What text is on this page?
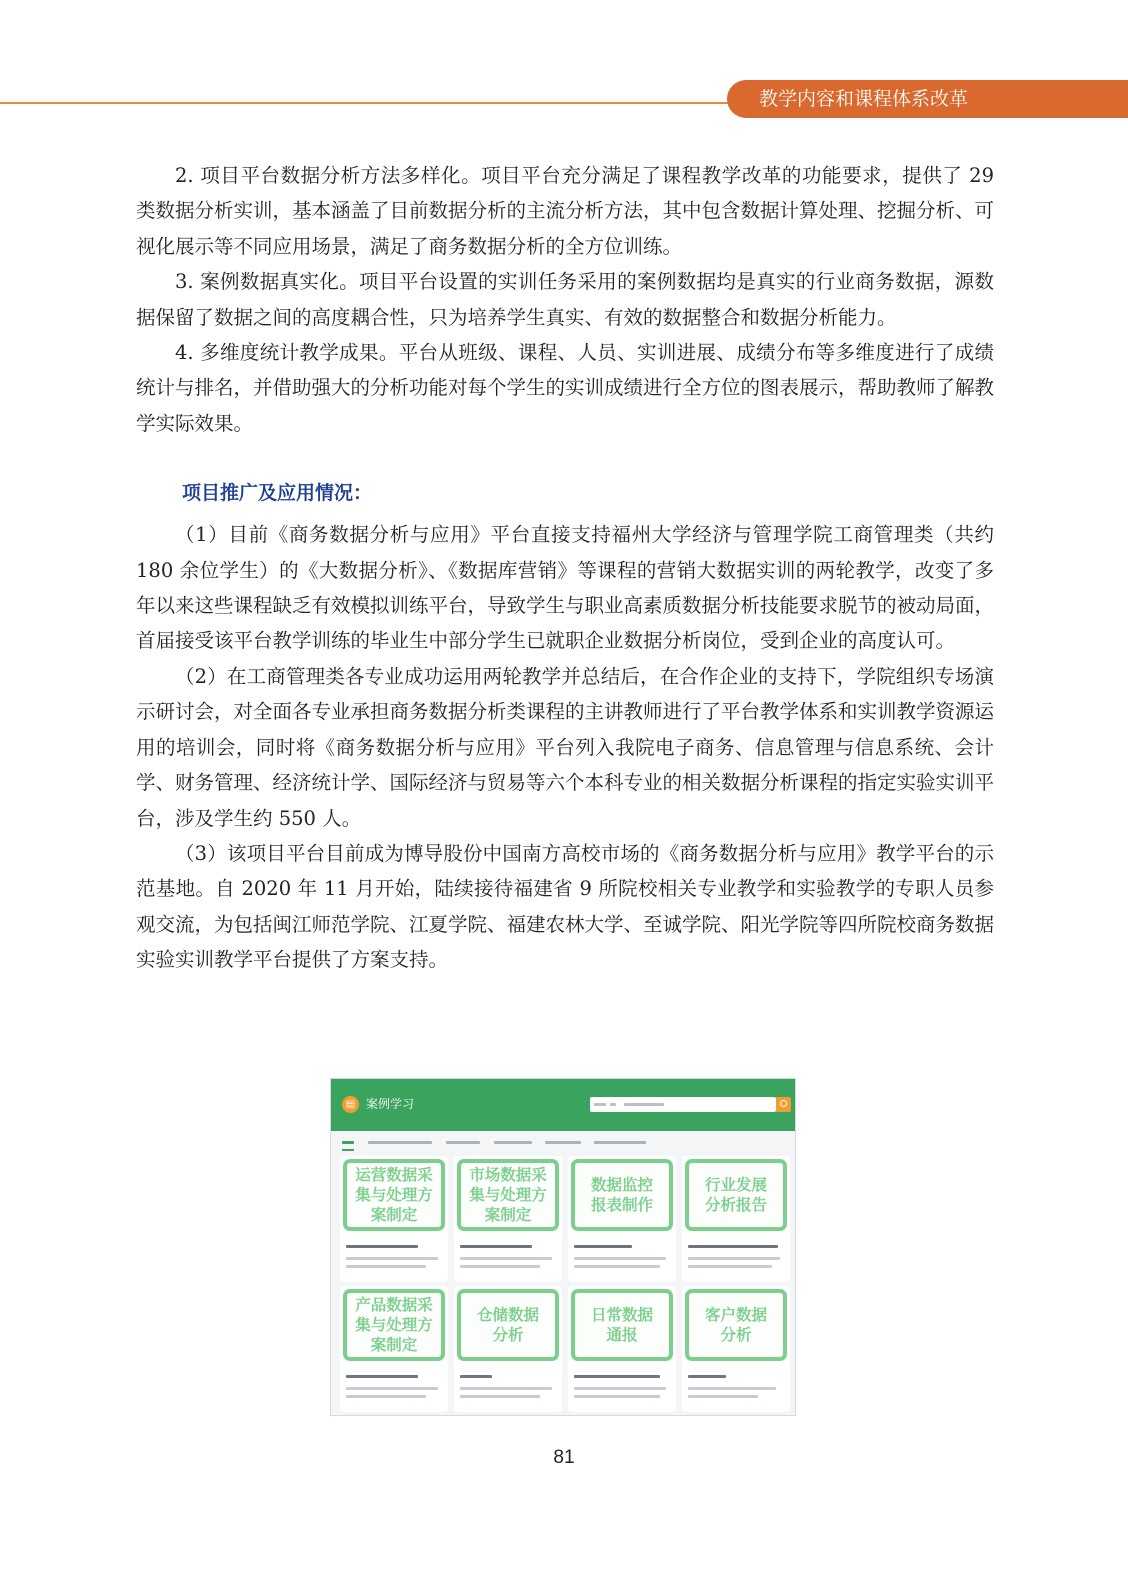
教学内容和课程体系改革

2. 项目平台数据分析方法多样化。项目平台充分满足了课程教学改革的功能要求，提供了 29 类数据分析实训，基本涵盖了目前数据分析的主流分析方法，其中包含数据计算处理、挖掘分析、可视化展示等不同应用场景，满足了商务数据分析的全方位训练。

3. 案例数据真实化。项目平台设置的实训任务采用的案例数据均是真实的行业商务数据，源数据保留了数据之间的高度耦合性，只为培养学生真实、有效的数据整合和数据分析能力。

4. 多维度统计教学成果。平台从班级、课程、人员、实训进展、成绩分布等多维度进行了成绩统计与排名，并借助强大的分析功能对每个学生的实训成绩进行全方位的图表展示，帮助教师了解教学实际效果。

项目推广及应用情况：

（1）目前《商务数据分析与应用》平台直接支持福州大学经济与管理学院工商管理类（共约 180 余位学生）的《大数据分析》、《数据库营销》等课程的营销大数据实训的两轮教学，改变了多年以来这些课程缺乏有效模拟训练平台，导致学生与职业高素质数据分析技能要求脱节的被动局面，首届接受该平台教学训练的毕业生中部分学生已就职企业数据分析岗位，受到企业的高度认可。

（2）在工商管理类各专业成功运用两轮教学并总结后，在合作企业的支持下，学院组织专场演示研讨会，对全面各专业承担商务数据分析类课程的主讲教师进行了平台教学体系和实训教学资源运用的培训会，同时将《商务数据分析与应用》平台列入我院电子商务、信息管理与信息系统、会计学、财务管理、经济统计学、国际经济与贸易等六个本科专业的相关数据分析课程的指定实验实训平台，涉及学生约 550 人。

（3）该项目平台目前成为博导股份中国南方高校市场的《商务数据分析与应用》教学平台的示范基地。自 2020 年 11 月开始，陆续接待福建省 9 所院校相关专业教学和实验教学的专职人员参观交流，为包括闽江师范学院、江夏学院、福建农林大学、至诚学院、阳光学院等四所院校商务数据实验实训教学平台提供了方案支持。

▤ 案例学习
运营数据采
集与处理方
案制定
市场数据采
集与处理方
案制定
数据监控
报表制作
行业发展
分析报告
产品数据采
集与处理方
案制定
仓储数据
分析
日常数据
通报
客户数据
分析
81
